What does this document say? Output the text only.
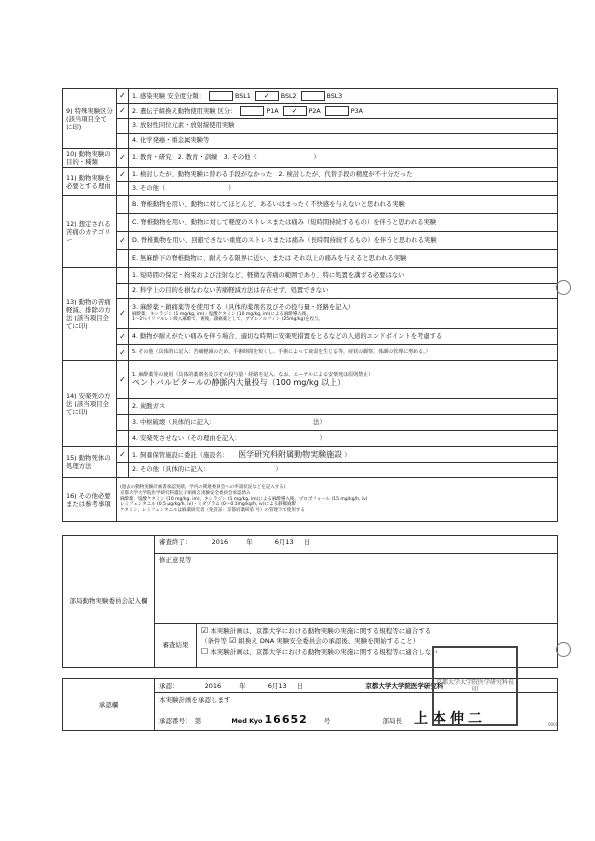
9) 特殊実験区分 (該当項目全てに印)	✓	1. 感染実験 安全度分類： BSL1 ✓ BSL2 BSL3
	✓	2. 遺伝子組換え動物使用実験 区分： P1A ✓ P2A P3A
		3. 放射性同位元素・放射線使用実験
		4. 化学発癌・重金属実験等
10) 動物実験の目的・種類	✓	1. 教育・研究　2. 教育・訓練　3. その他（　　　　　　　　　）
11) 動物実験を必要とする理由	✓	1. 検討したが、動物実験に替わる手段がなかった　2. 検討したが、代替手段の精度が不十分だった
		3. その他（　　　　　　　　　　）
12) 想定される苦痛のカテゴリー		B. 脊椎動物を用い、動物に対してほとんど、あるいはまったく不快感を与えないと思われる実験
		C. 脊椎動物を用い、動物に対して軽度のストレスまたは痛み（短時間持続するもの）を伴うと思われる実験
	✓	D. 脊椎動物を用い、回避できない重度のストレスまたは痛み（長時間持続するもの）を伴うと思われる実験
		E. 無麻酔下の脊椎動物に、耐えうる限界に近い、または それ以上の痛みを与えると思われる実験
13) 動物の苦痛軽減、排除の方法 (該当項目全てに印)		1. 短時間の保定・拘束および注射など、軽微な苦痛の範囲であり、特に処置を講ずる必要はない
		2. 科学上の目的を損なわない苦痛軽減方法は存在せず、処置できない
	✓	3. 麻酔薬・鎮痛薬等を使用する（具体的薬剤名及びその投与量・経路を記入）
麻酔薬：キシラジン (1 mg/kg, im)・塩酸ケタミン (10 mg/kg, im)による麻酔導入後、
1～2％イソフルレン吸入麻酔で、術後、鎮痛薬として、ブプレノルフィン (25mg/kg)を投与。

	✓	4. 動物が耐えがたい痛みを伴う場合、適切な時期に安楽死措置をとるなどの人道的エンドポイントを考慮する
	✓	5. その他（具体的に記入：苦痛軽減のため、手術時間を短くし、手術によって衰弱を生じる等、症状の観察、体調の管理に努める。）
14) 安楽死の方法 (該当項目全てに印)	✓	1. 麻酔薬等の使用（具体的薬剤名及びその投与量・経路を記入、なお、エーテルによる安楽死は原則禁止）
ペントバルビタールの静脈内大量投与（100 mg/kg 以上）

		2. 炭酸ガス
		3. 中枢破壊（具体的に記入：　　　　　　　　　　　　　　　　法）
		4. 安楽死させない（その理由を記入：　　　　　　　　　　　　　）
15) 動物死体の処理方法	✓	1. 飼養保管施設に委託（施設名： 医学研究科附属動物実験施設 ）
		2. その他（具体的に記入：　　　　　　　　　　　）
16) その他必要または参考事項	(過去の動物実験計画書承認実績、学内の関連委員会への申請状況などを記入する)
京都大学大学院医学研究科遺伝子組換え実験安全委員会承認済み
麻酔薬：塩酸ケタミン (10 mg/kg, im)、キシラジン (1 mg/kg, im)による麻酔導入後、プロポフォール (15 mg/kg/h, iv)
レミフェンタニル (0.5 μg/kg/h, iv)・ミダゾラム (0～0.1mg/kg/h, iv)による静脈麻酔
ケタミン、レミフェンタニルは麻薬研究者（免許証：京都府薬研第 号）の管理下で使用する	
部局動物実験委員会記入欄	審査終了： 2016 年 6月13 日	
	修正意見等	
	審査結果	☑ 本実験計画は、京都大学における動物実験の実施に関する規程等に適合する
（条件等 ☑ 組換え DNA 実験安全委員会の承認後、実験を開始すること）
☐ 本実験計画は、京都大学における動物実験の実施に関する規程等に適合しない
承認欄	承認：	2016	年	6月13 日	京都大学大学院医学研究科
本実験計画を承認します
承認番号：　第	Med Kyo 16652 号	部局長 上本伸二
京都大学大学院医学研究科長印
0001
